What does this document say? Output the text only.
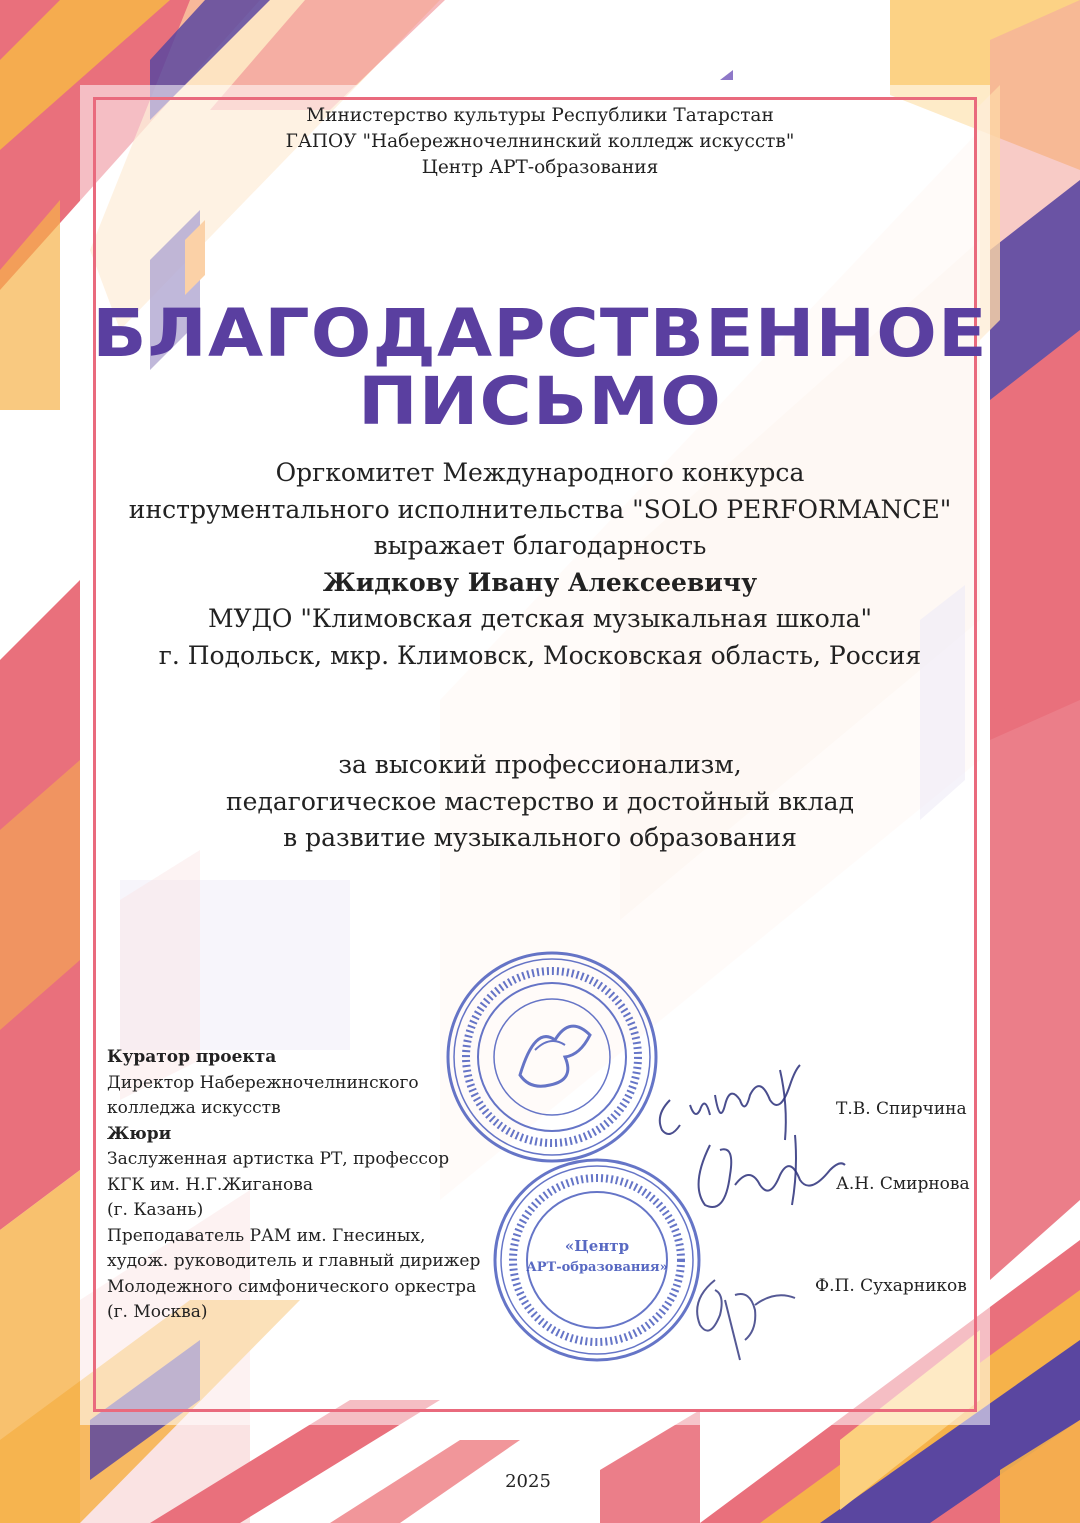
Министерство культуры Республики Татарстан
ГАПОУ "Набережночелнинский колледж искусств"
Центр АРТ-образования
БЛАГОДАРСТВЕННОЕ
ПИСЬМО
Оргкомитет Международного конкурса
инструментального исполнительства "SOLO PERFORMANCE"
выражает благодарность
Жидкову Ивану Алексеевичу
МУДО "Климовская детская музыкальная школа"
г. Подольск, мкр. Климовск, Московская область, Россия
за высокий профессионализм,
педагогическое мастерство и достойный вклад
в развитие музыкального образования
«Центр
АРТ-образования»
Куратор проекта
Директор Набережночелнинского
колледжа искусств
Жюри
Заслуженная артистка РТ, профессор
КГК им. Н.Г.Жиганова
(г. Казань)
Преподаватель РАМ им. Гнесиных,
худож. руководитель и главный дирижер
Молодежного симфонического оркестра
(г. Москва)
Т.В. Спирчина
А.Н. Смирнова
Ф.П. Сухарников
2025
